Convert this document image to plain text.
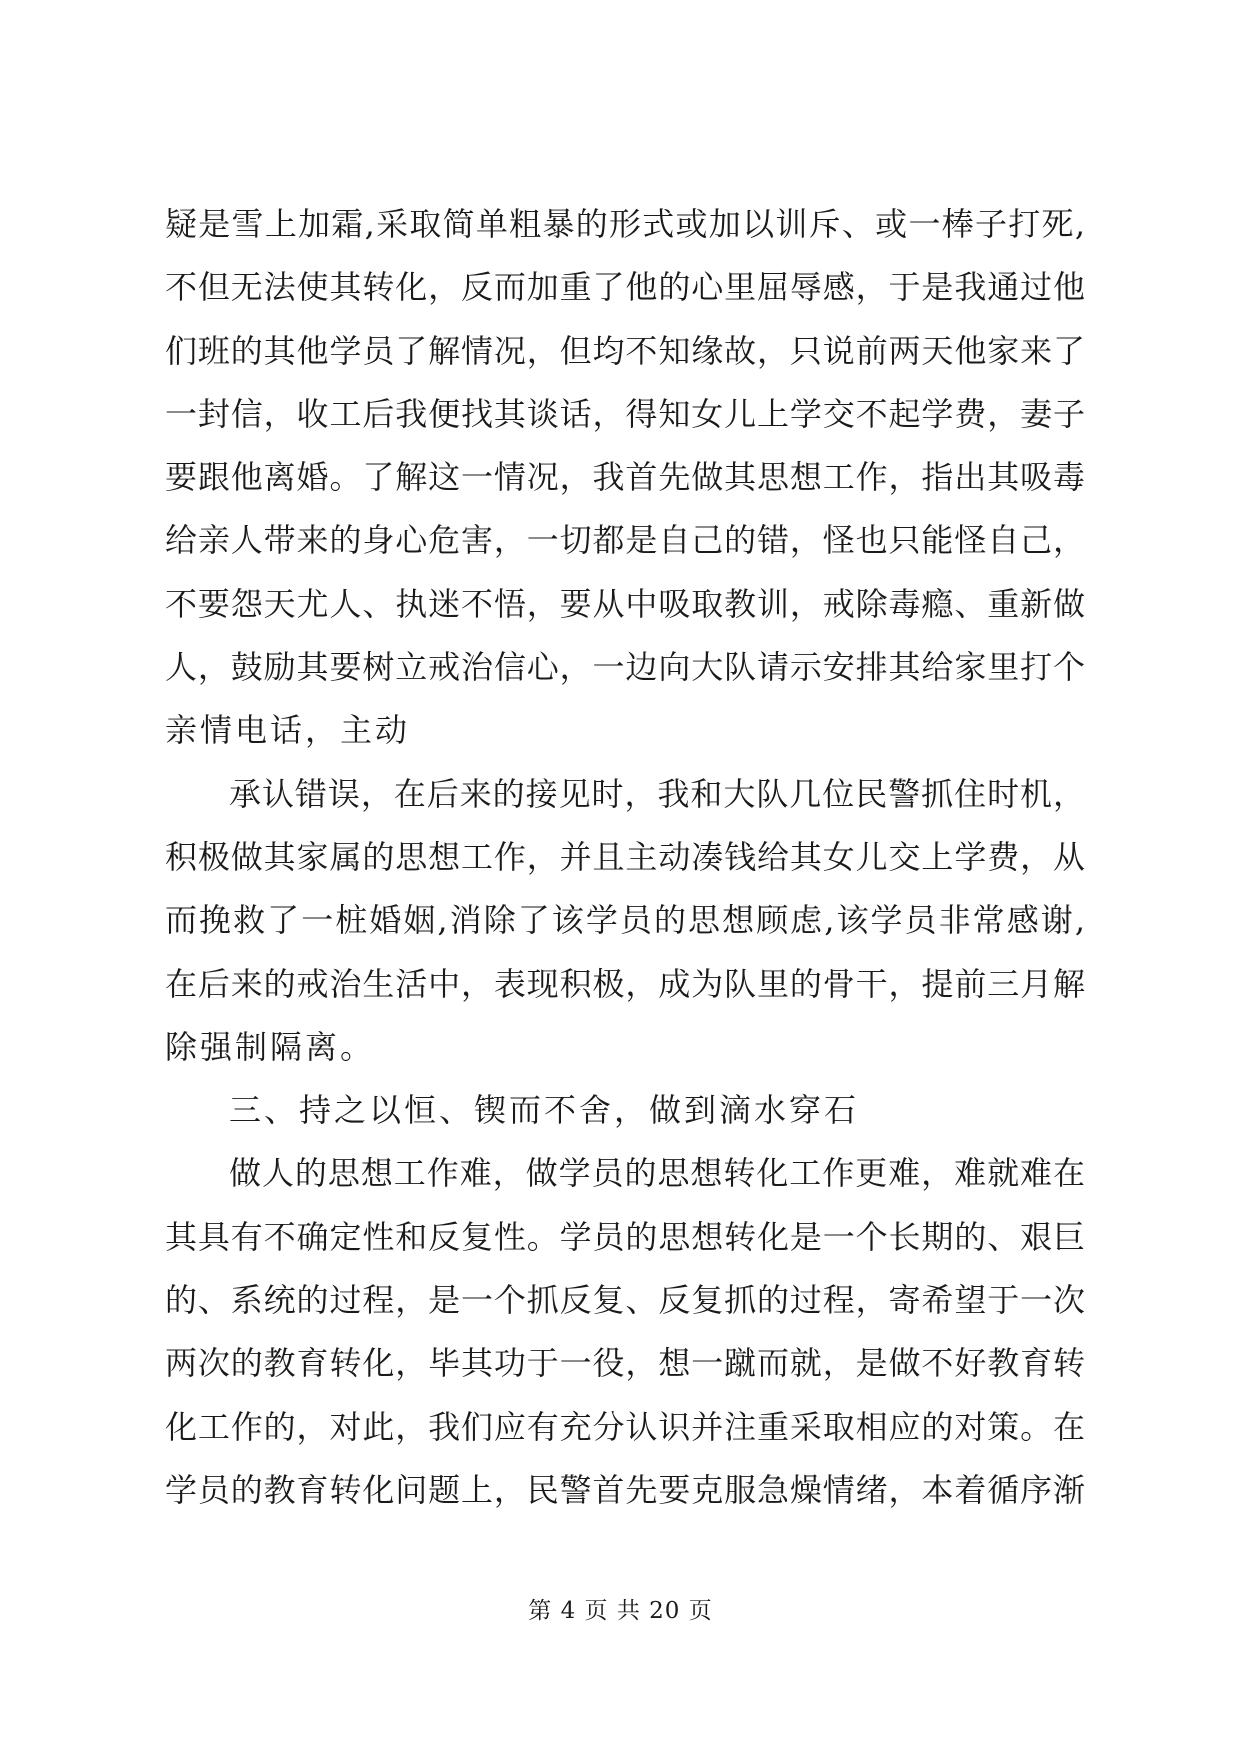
疑是雪上加霜,采取简单粗暴的形式或加以训斥、或一棒子打死,
不但无法使其转化，反而加重了他的心里屈辱感，于是我通过他
们班的其他学员了解情况，但均不知缘故，只说前两天他家来了
一封信，收工后我便找其谈话，得知女儿上学交不起学费，妻子
要跟他离婚。了解这一情况，我首先做其思想工作，指出其吸毒
给亲人带来的身心危害，一切都是自己的错，怪也只能怪自己，
不要怨天尤人、执迷不悟，要从中吸取教训，戒除毒瘾、重新做
人，鼓励其要树立戒治信心，一边向大队请示安排其给家里打个
亲情电话，主动
承认错误，在后来的接见时，我和大队几位民警抓住时机，
积极做其家属的思想工作，并且主动凑钱给其女儿交上学费，从
而挽救了一桩婚姻,消除了该学员的思想顾虑,该学员非常感谢,
在后来的戒治生活中，表现积极，成为队里的骨干，提前三月解
除强制隔离。
三、持之以恒、锲而不舍，做到滴水穿石
做人的思想工作难，做学员的思想转化工作更难，难就难在
其具有不确定性和反复性。学员的思想转化是一个长期的、艰巨
的、系统的过程，是一个抓反复、反复抓的过程，寄希望于一次
两次的教育转化，毕其功于一役，想一蹴而就，是做不好教育转
化工作的，对此，我们应有充分认识并注重采取相应的对策。在
学员的教育转化问题上，民警首先要克服急燥情绪，本着循序渐
第 4 页 共 20 页
